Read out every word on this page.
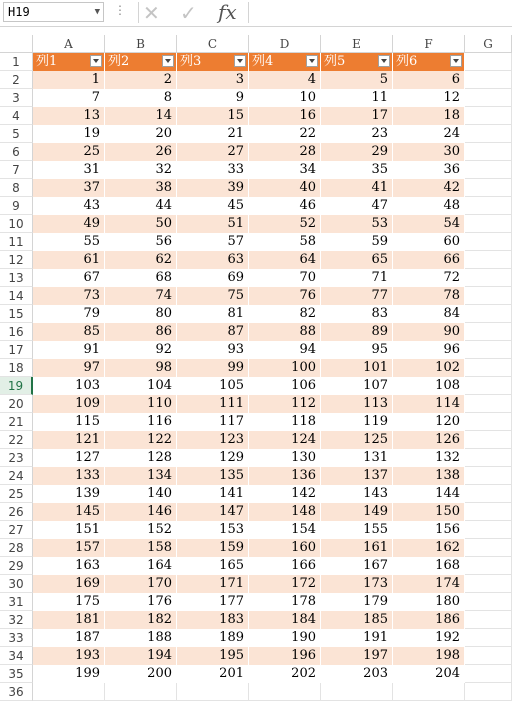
H19	▼ ⋮ ✕ ✓ fx
A	B	C	D	E	F	G
1	列1	列2	列3	列4	列5	列6
2	1	2	3	4	5	6
3	7	8	9	10	11	12
4	13	14	15	16	17	18
5	19	20	21	22	23	24
6	25	26	27	28	29	30
7	31	32	33	34	35	36
8	37	38	39	40	41	42
9	43	44	45	46	47	48
10	49	50	51	52	53	54
11	55	56	57	58	59	60
12	61	62	63	64	65	66
13	67	68	69	70	71	72
14	73	74	75	76	77	78
15	79	80	81	82	83	84
16	85	86	87	88	89	90
17	91	92	93	94	95	96
18	97	98	99	100	101	102
19	103	104	105	106	107	108
20	109	110	111	112	113	114
21	115	116	117	118	119	120
22	121	122	123	124	125	126
23	127	128	129	130	131	132
24	133	134	135	136	137	138
25	139	140	141	142	143	144
26	145	146	147	148	149	150
27	151	152	153	154	155	156
28	157	158	159	160	161	162
29	163	164	165	166	167	168
30	169	170	171	172	173	174
31	175	176	177	178	179	180
32	181	182	183	184	185	186
33	187	188	189	190	191	192
34	193	194	195	196	197	198
35	199	200	201	202	203	204
36
